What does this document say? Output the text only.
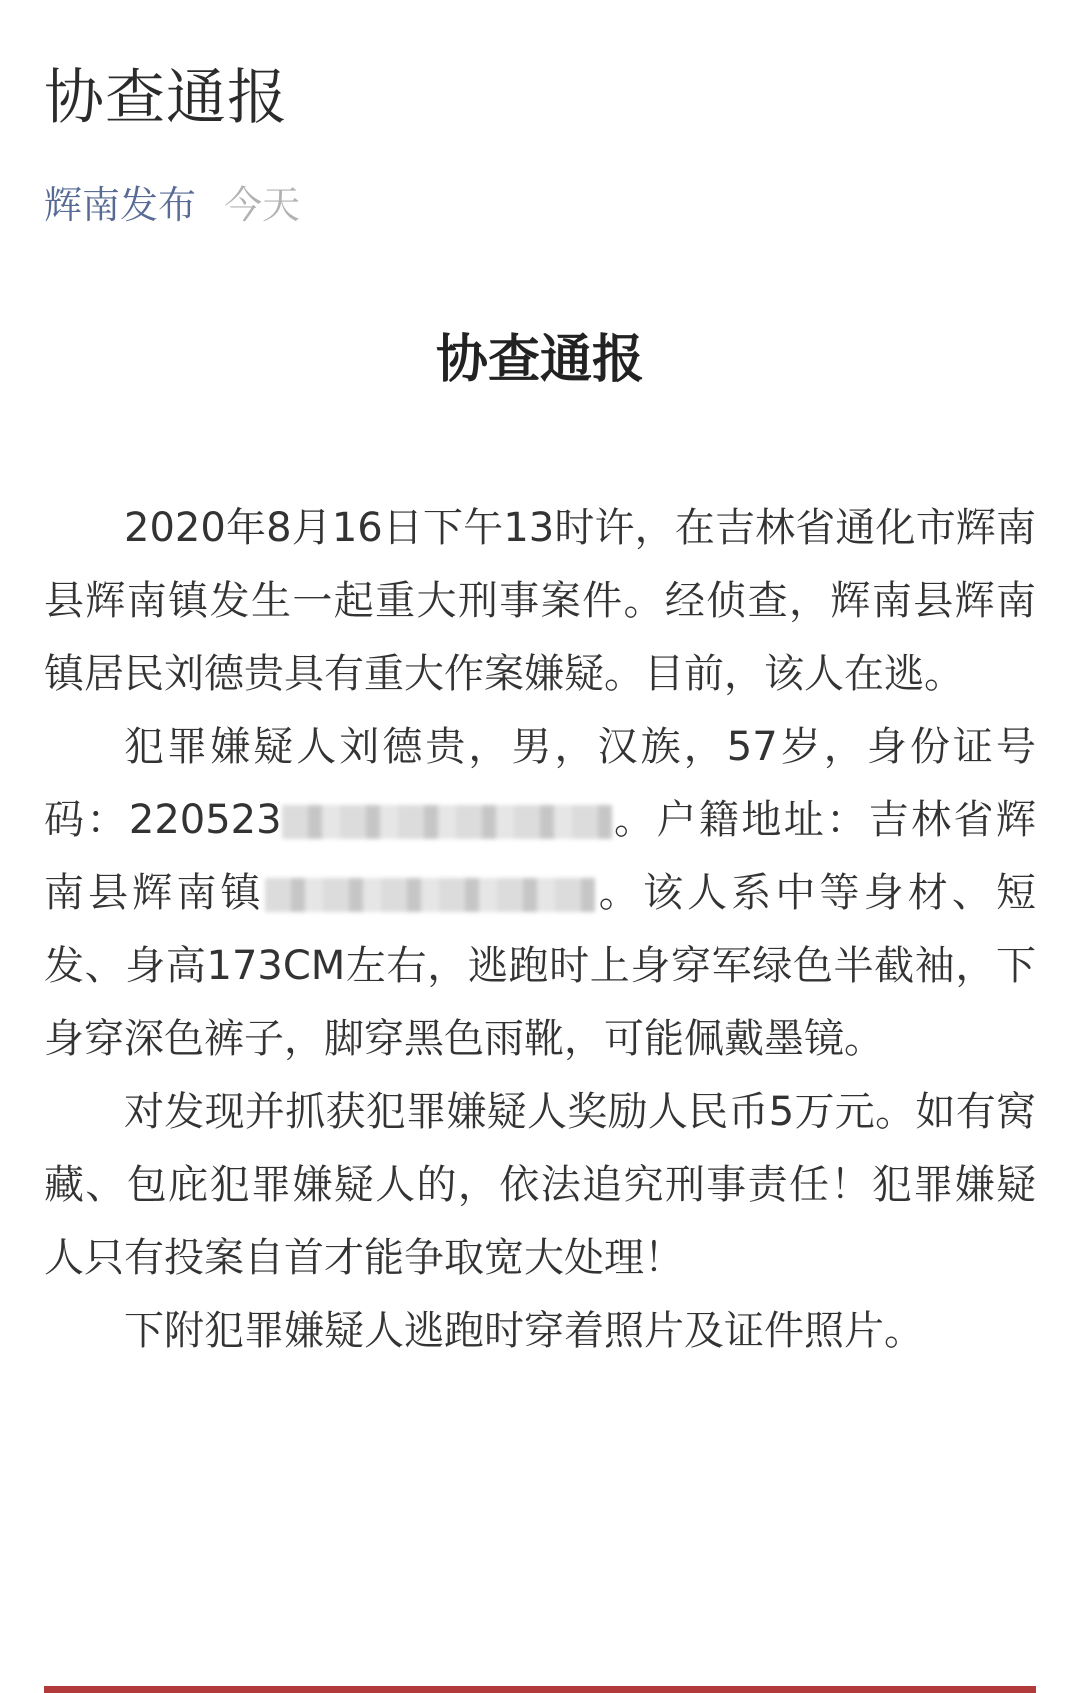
协查通报
辉南发布 今天
协查通报

2020年8月16日下午13时许，在吉林省通化市辉南县辉南镇发生一起重大刑事案件。经侦查，辉南县辉南镇居民刘德贵具有重大作案嫌疑。目前，该人在逃。

犯罪嫌疑人刘德贵，男，汉族，57岁，身份证号码：220523	。户籍地址：吉林省辉南县辉南镇	。该人系中等身材、短发、身高173CM左右，逃跑时上身穿军绿色半截袖，下身穿深色裤子，脚穿黑色雨靴，可能佩戴墨镜。

对发现并抓获犯罪嫌疑人奖励人民币5万元。如有窝藏、包庇犯罪嫌疑人的，依法追究刑事责任！犯罪嫌疑人只有投案自首才能争取宽大处理！

下附犯罪嫌疑人逃跑时穿着照片及证件照片。
